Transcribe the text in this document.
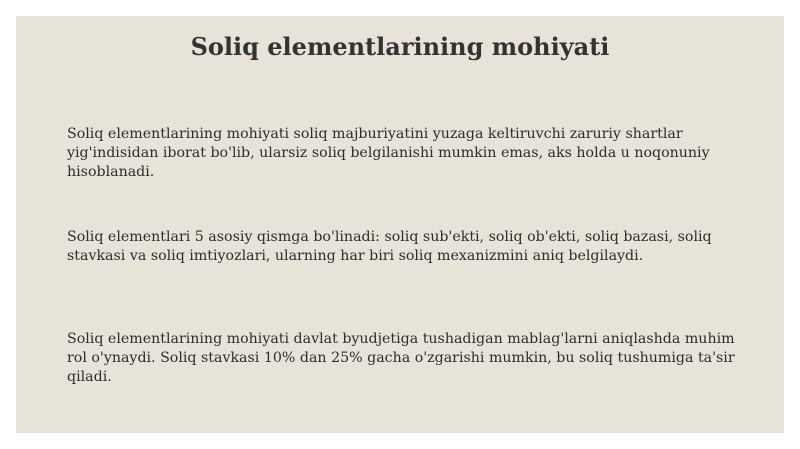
Soliq elementlarining mohiyati

Soliq elementlarining mohiyati soliq majburiyatini yuzaga keltiruvchi zaruriy shartlar yig'indisidan iborat bo'lib, ularsiz soliq belgilanishi mumkin emas, aks holda u noqonuniy hisoblanadi.

Soliq elementlari 5 asosiy qismga bo'linadi: soliq sub'ekti, soliq ob'ekti, soliq bazasi, soliq stavkasi va soliq imtiyozlari, ularning har biri soliq mexanizmini aniq belgilaydi.

Soliq elementlarining mohiyati davlat byudjetiga tushadigan mablag'larni aniqlashda muhim rol o'ynaydi. Soliq stavkasi 10% dan 25% gacha o'zgarishi mumkin, bu soliq tushumiga ta'sir qiladi.
